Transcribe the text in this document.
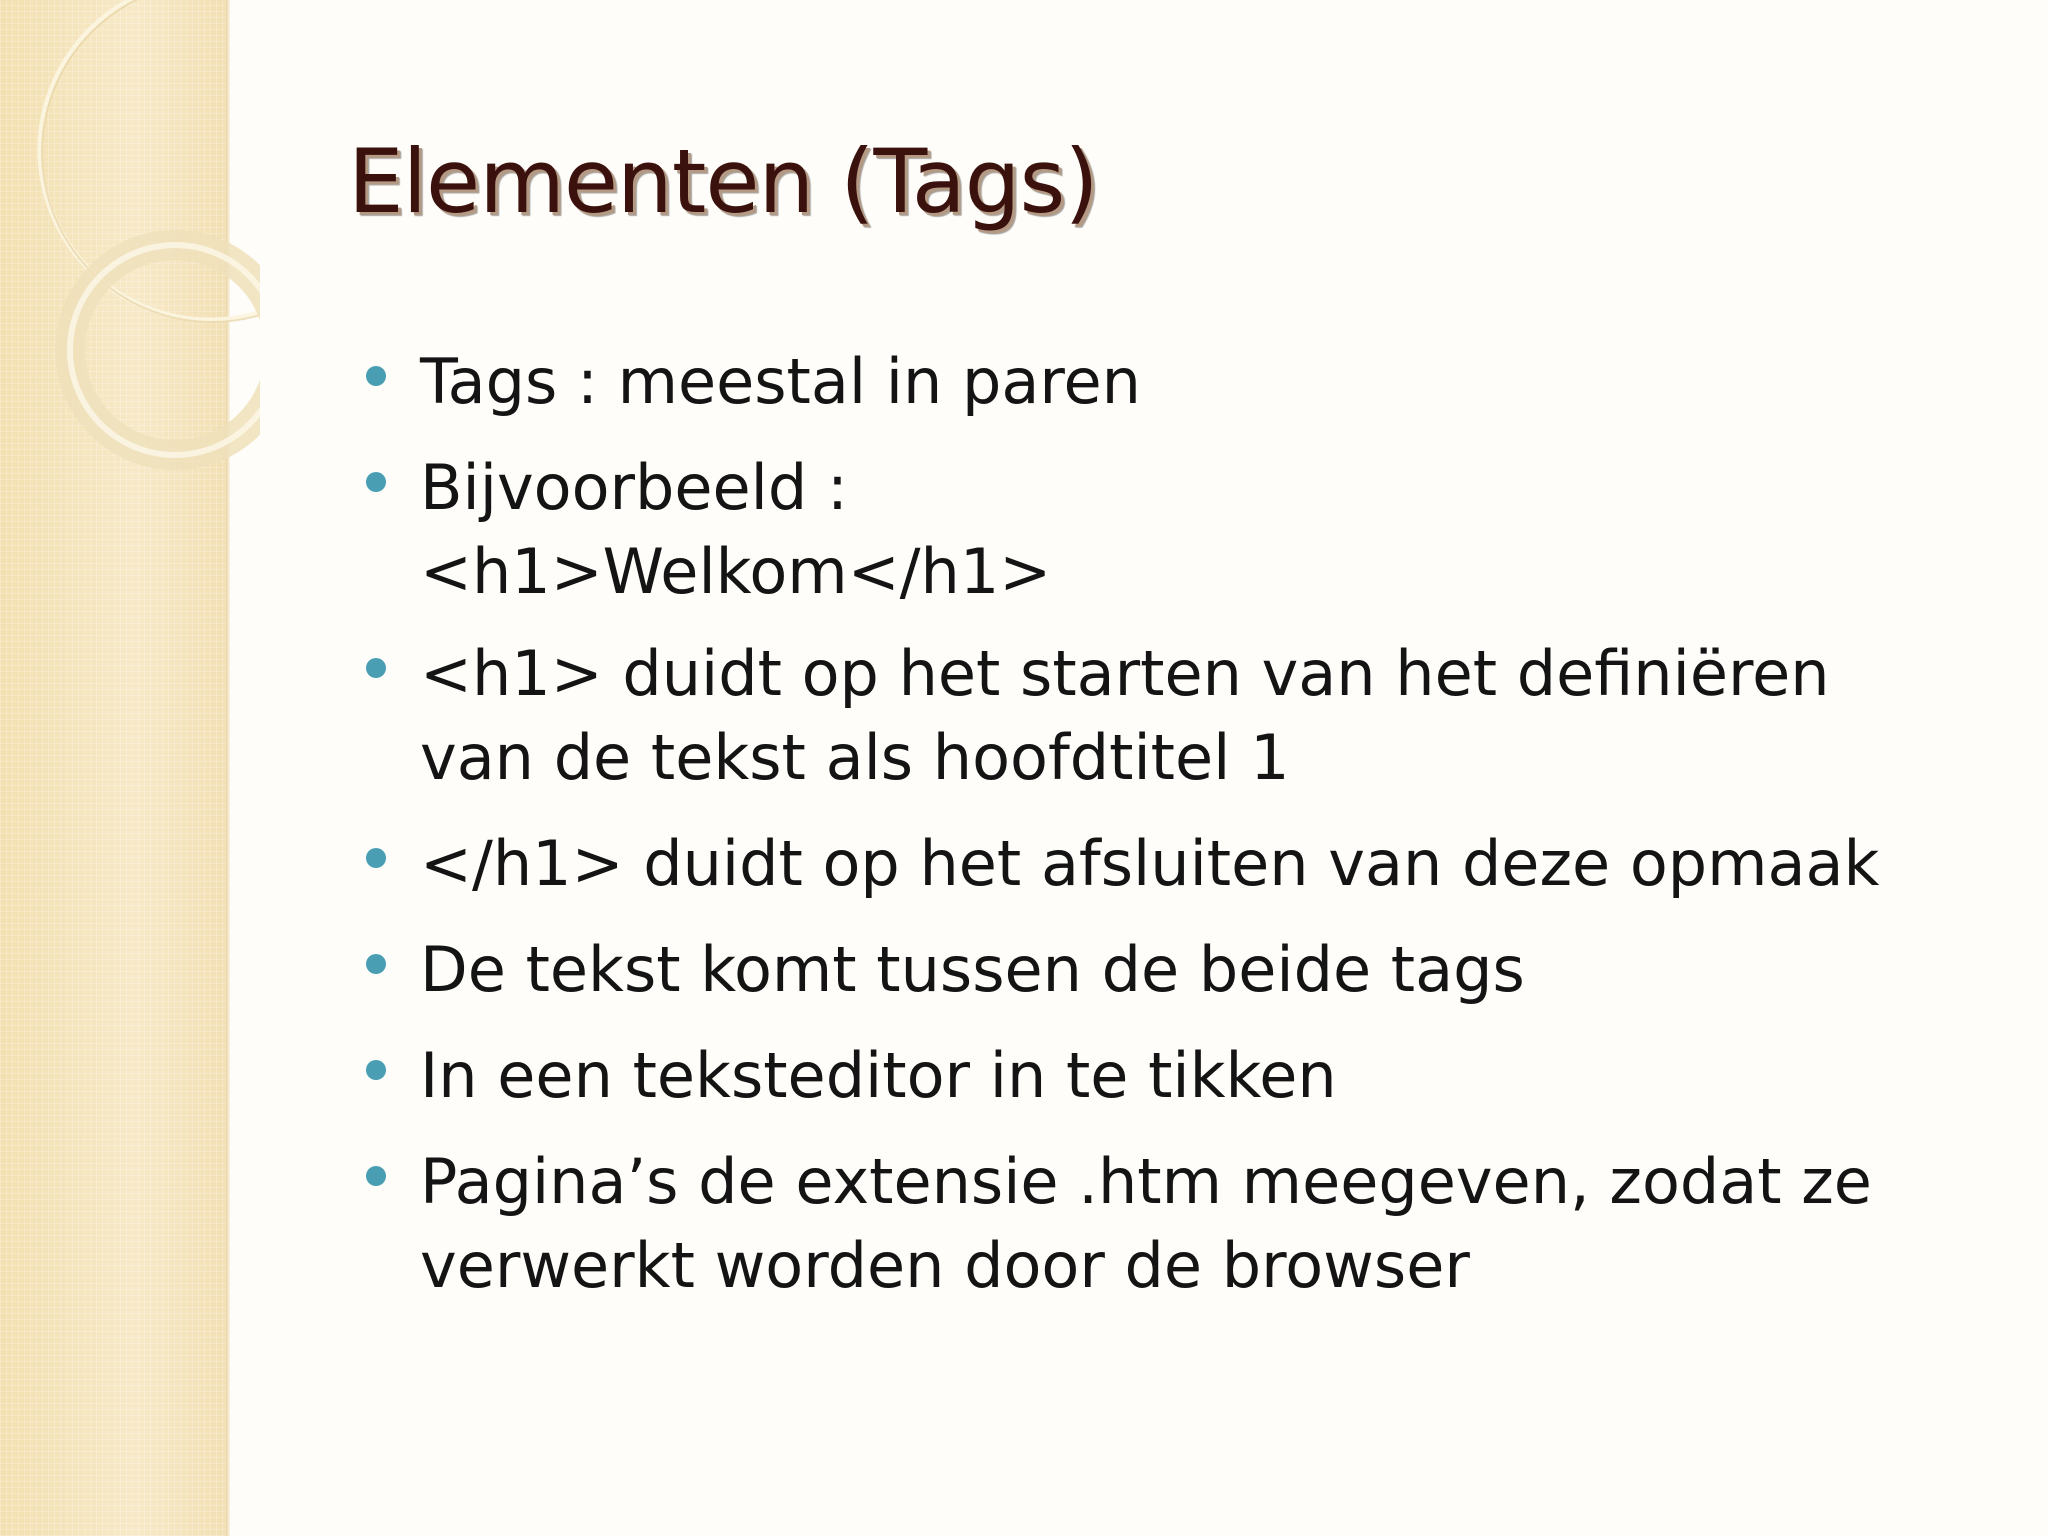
Elementen (Tags)
Tags : meestal in paren
Bijvoorbeeld :
<h1>Welkom</h1>
<h1> duidt op het starten van het definiëren
van de tekst als hoofdtitel 1
</h1> duidt op het afsluiten van deze opmaak
De tekst komt tussen de beide tags
In een teksteditor in te tikken
Pagina’s de extensie .htm meegeven, zodat ze
verwerkt worden door de browser
